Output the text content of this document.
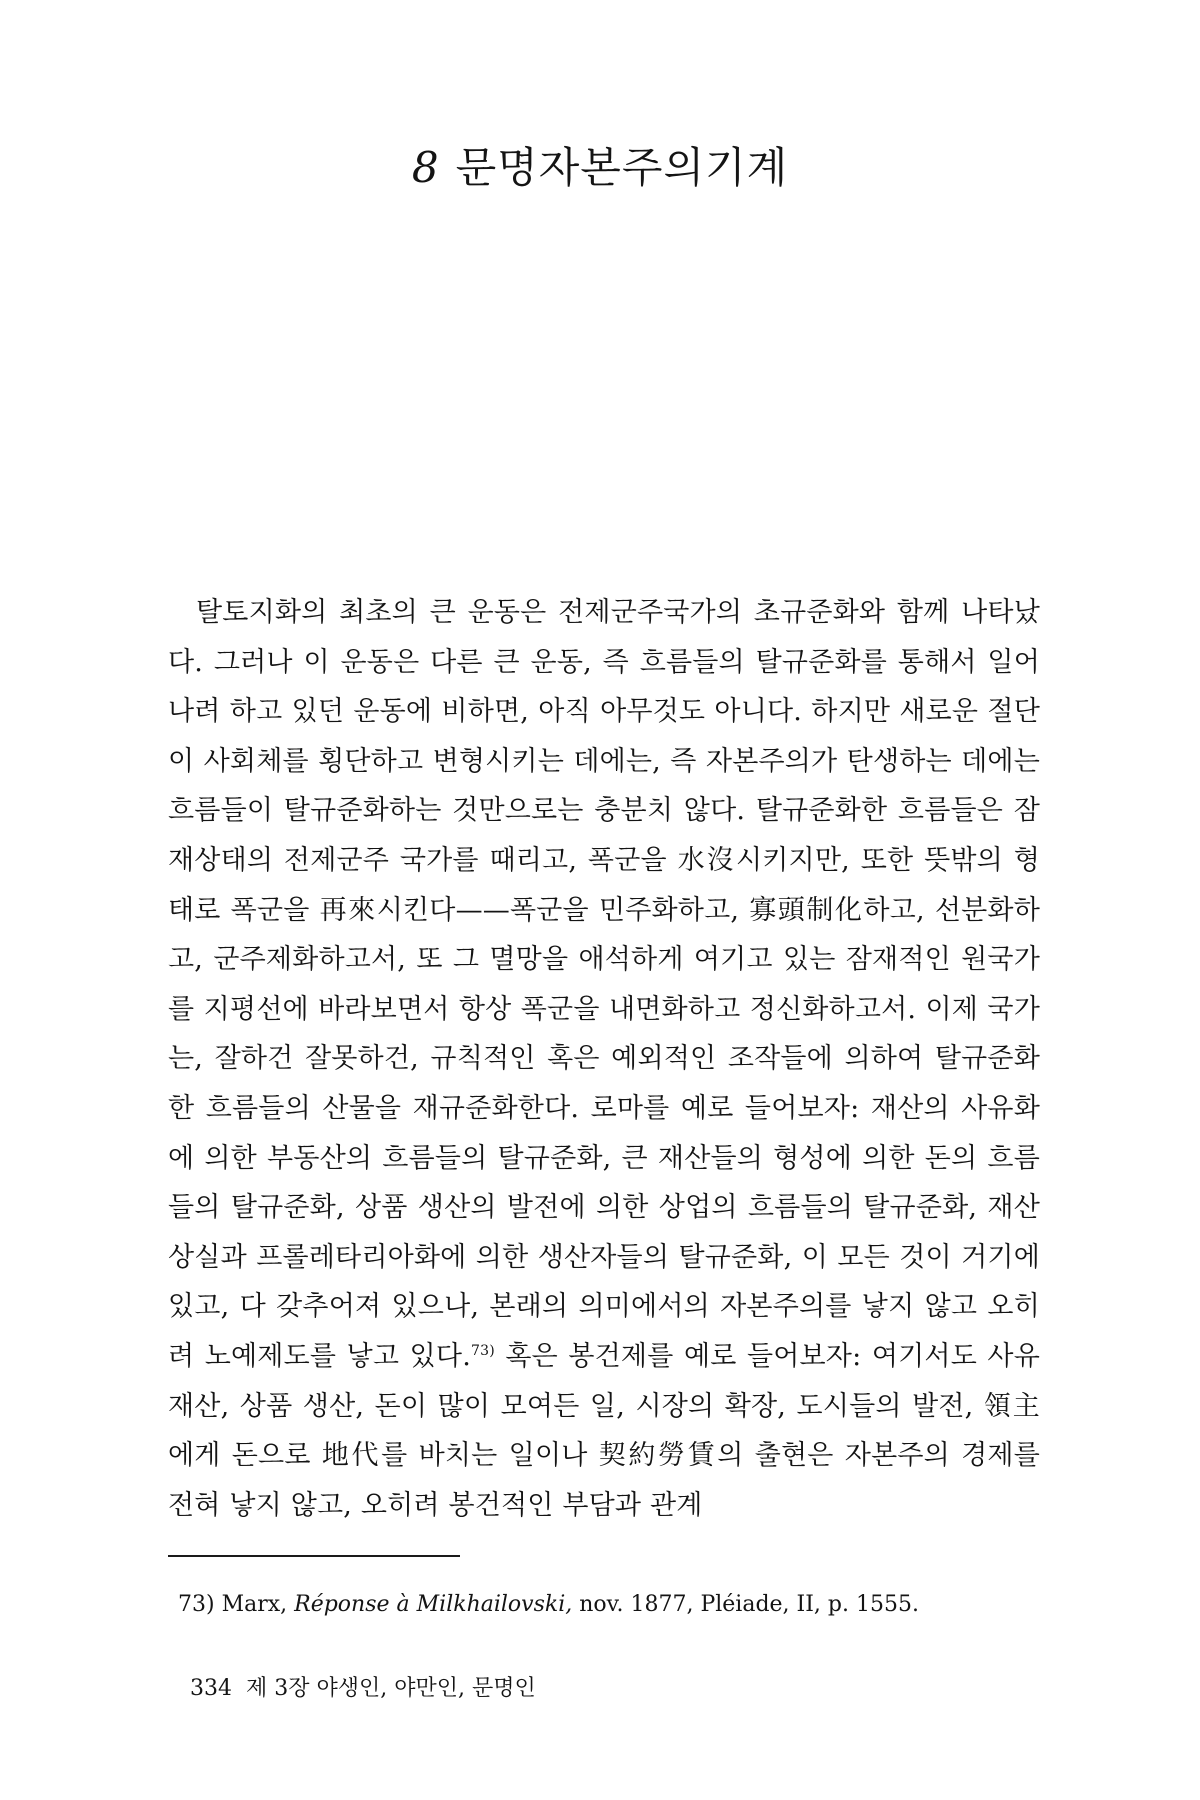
8 문명자본주의기계

탈토지화의 최초의 큰 운동은 전제군주국가의 초규준화와 함께 나타났다. 그러나 이 운동은 다른 큰 운동, 즉 흐름들의 탈규준화를 통해서 일어나려 하고 있던 운동에 비하면, 아직 아무것도 아니다. 하지만 새로운 절단이 사회체를 횡단하고 변형시키는 데에는, 즉 자본주의가 탄생하는 데에는 흐름들이 탈규준화하는 것만으로는 충분치 않다. 탈규준화한 흐름들은 잠재상태의 전제군주 국가를 때리고, 폭군을 水沒시키지만, 또한 뜻밖의 형태로 폭군을 再來시킨다——폭군을 민주화하고, 寡頭制化하고, 선분화하고, 군주제화하고서, 또 그 멸망을 애석하게 여기고 있는 잠재적인 원국가를 지평선에 바라보면서 항상 폭군을 내면화하고 정신화하고서. 이제 국가는, 잘하건 잘못하건, 규칙적인 혹은 예외적인 조작들에 의하여 탈규준화한 흐름들의 산물을 재규준화한다. 로마를 예로 들어보자: 재산의 사유화에 의한 부동산의 흐름들의 탈규준화, 큰 재산들의 형성에 의한 돈의 흐름들의 탈규준화, 상품 생산의 발전에 의한 상업의 흐름들의 탈규준화, 재산상실과 프롤레타리아화에 의한 생산자들의 탈규준화, 이 모든 것이 거기에 있고, 다 갖추어져 있으나, 본래의 의미에서의 자본주의를 낳지 않고 오히려 노예제도를 낳고 있다.$^{73)}$ 혹은 봉건제를 예로 들어보자: 여기서도 사유재산, 상품 생산, 돈이 많이 모여든 일, 시장의 확장, 도시들의 발전, 領主에게 돈으로 地代를 바치는 일이나 契約勞賃의 출현은 자본주의 경제를 전혀 낳지 않고, 오히려 봉건적인 부담과 관계

73) Marx, Réponse à Milkhailovski, nov. 1877, Pléiade, II, p. 1555.
334 제 3장 야생인, 야만인, 문명인
